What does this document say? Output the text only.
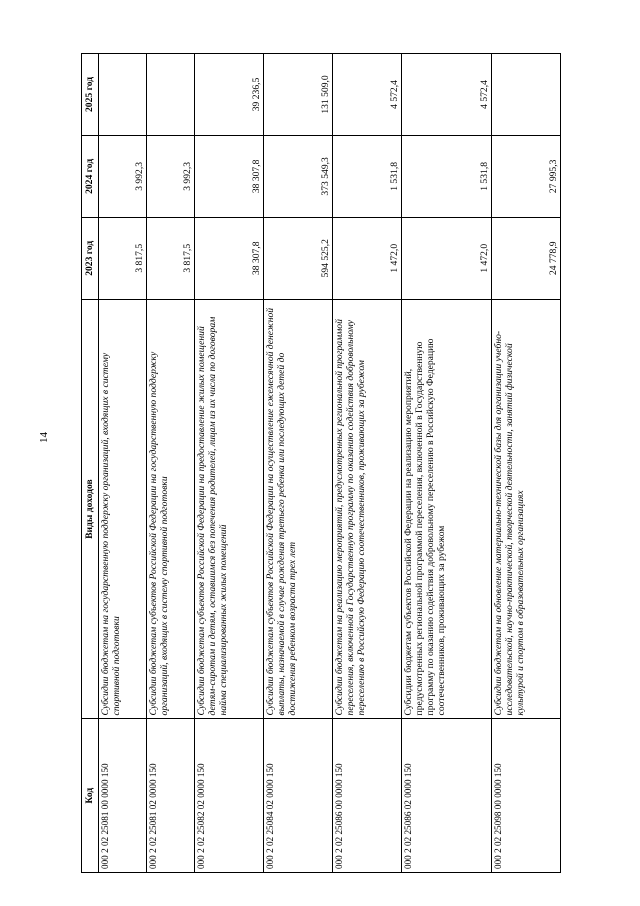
14
Код	Виды доходов	2023 год	2024 год	2025 год
000 2 02 25081 00 0000 150	Субсидии бюджетам на государственную поддержку организаций, входящих в систему спортивной подготовки	3 817,5	3 992,3	
000 2 02 25081 02 0000 150	Субсидии бюджетам субъектов Российской Федерации на государственную поддержку организаций, входящих в систему спортивной подготовки	3 817,5	3 992,3	
000 2 02 25082 02 0000 150	Субсидии бюджетам субъектов Российской Федерации на предоставление жилых помещений детям-сиротам и детям, оставшимся без попечения родителей, лицам из их числа по договорам найма специализированных жилых помещений	38 307,8	38 307,8	39 236,5
000 2 02 25084 02 0000 150	Субсидии бюджетам субъектов Российской Федерации на осуществление ежемесячной денежной выплаты, назначаемой в случае рождения третьего ребенка или последующих детей до достижения ребенком возраста трех лет	594 525,2	373 549,3	131 509,0
000 2 02 25086 00 0000 150	Субсидии бюджетам на реализацию мероприятий, предусмотренных региональной программой переселения, включенной в Государственную программу по оказанию содействия добровольному переселению в Российскую Федерацию соотечественников, проживающих за рубежом	1 472,0	1 531,8	4 572,4
000 2 02 25086 02 0000 150	Субсидии бюджетам субъектов Российской Федерации на реализацию мероприятий, предусмотренных региональной программой переселения, включенной в Государственную программу по оказанию содействия добровольному переселению в Российскую Федерацию соотечественников, проживающих за рубежом	1 472,0	1 531,8	4 572,4
000 2 02 25098 00 0000 150	Субсидии бюджетам на обновление материально-технической базы для организации учебно-исследовательской, научно-практической, творческой деятельности, занятий физической культурой и спортом в образовательных организациях	24 778,9	27 995,3	
